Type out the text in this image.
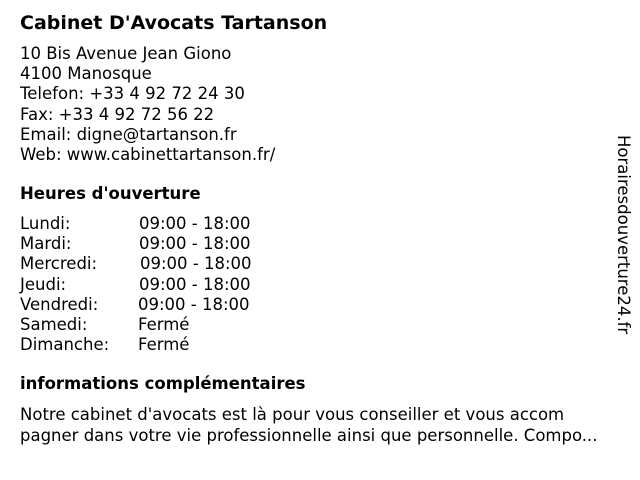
Cabinet D'Avocats Tartanson
10 Bis Avenue Jean Giono
4100 Manosque
Telefon: +33 4 92 72 24 30
Fax: +33 4 92 72 56 22
Email: digne@tartanson.fr
Web: www.cabinettartanson.fr/
Heures d'ouverture
Lundi:	09:00 - 18:00
Mardi:	09:00 - 18:00
Mercredi:	09:00 - 18:00
Jeudi:	09:00 - 18:00
Vendredi: 09:00 - 18:00
Samedi:	Fermé
Dimanche: Fermé
informations complémentaires
Notre cabinet d'avocats est là pour vous conseiller et vous accom
pagner dans votre vie professionnelle ainsi que personnelle. Compo...
Horairesdouverture24.fr
